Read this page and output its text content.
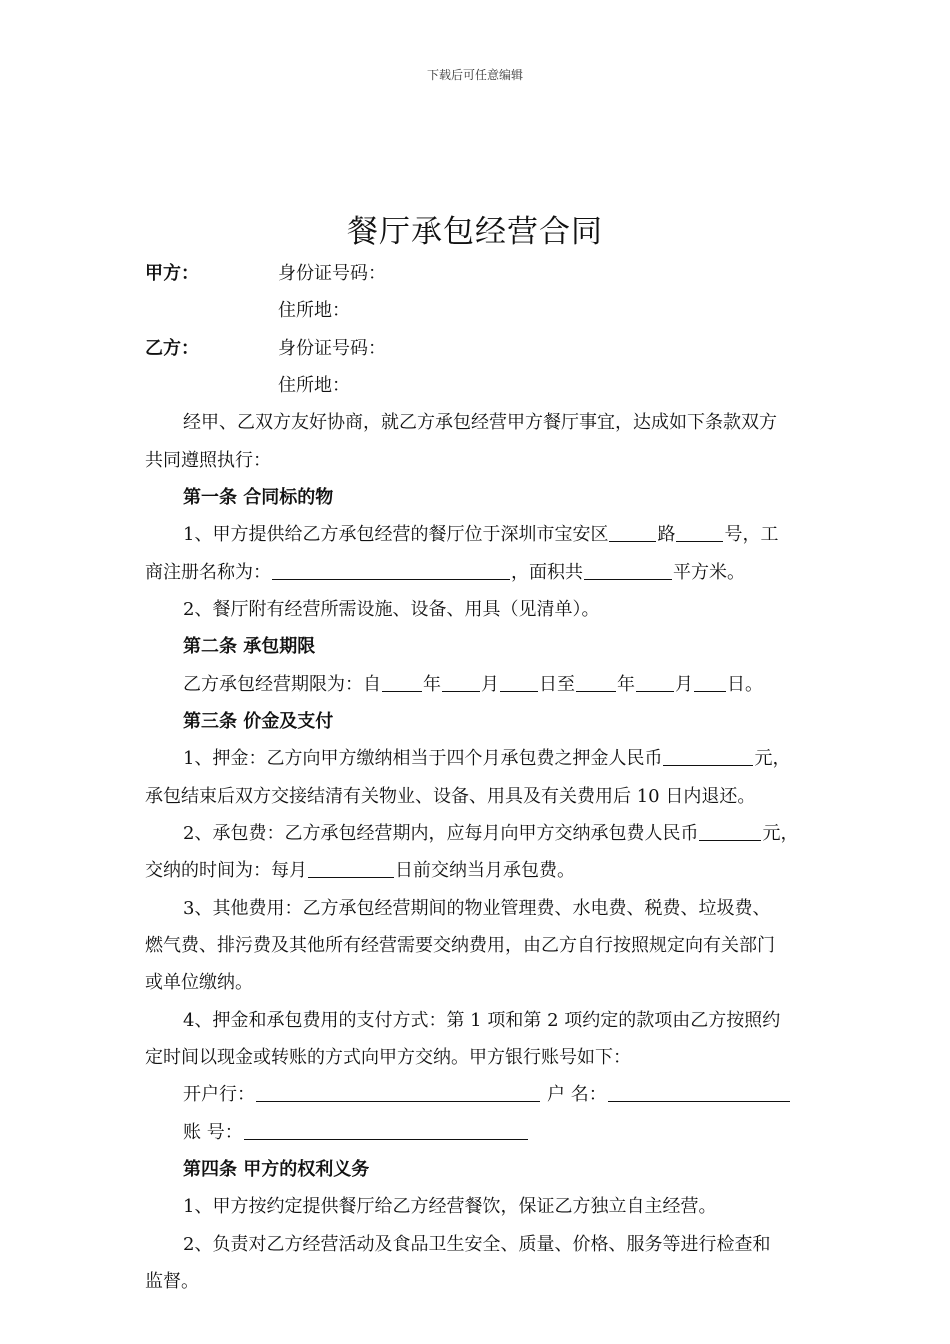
下载后可任意编辑
餐厅承包经营合同
甲方：	身份证号码：
住所地：
乙方：	身份证号码：
住所地：
经甲、乙双方友好协商，就乙方承包经营甲方餐厅事宜，达成如下条款双方
共同遵照执行：
第一条 合同标的物
1、甲方提供给乙方承包经营的餐厅位于深圳市宝安区	路	号，工
商注册名称为：	，面积共	平方米。
2、餐厅附有经营所需设施、设备、用具（见清单）。
第二条 承包期限
乙方承包经营期限为：自 年 月 日至 年 月 日。
第三条 价金及支付
1、押金：乙方向甲方缴纳相当于四个月承包费之押金人民币	元，
承包结束后双方交接结清有关物业、设备、用具及有关费用后 10 日内退还。
2、承包费：乙方承包经营期内，应每月向甲方交纳承包费人民币	元，
交纳的时间为：每月	日前交纳当月承包费。
3、其他费用：乙方承包经营期间的物业管理费、水电费、税费、垃圾费、
燃气费、排污费及其他所有经营需要交纳费用，由乙方自行按照规定向有关部门
或单位缴纳。
4、押金和承包费用的支付方式：第 1 项和第 2 项约定的款项由乙方按照约
定时间以现金或转账的方式向甲方交纳。甲方银行账号如下：
开户行：	户 名：
账 号：
第四条 甲方的权利义务
1、甲方按约定提供餐厅给乙方经营餐饮，保证乙方独立自主经营。
2、负责对乙方经营活动及食品卫生安全、质量、价格、服务等进行检查和
监督。
